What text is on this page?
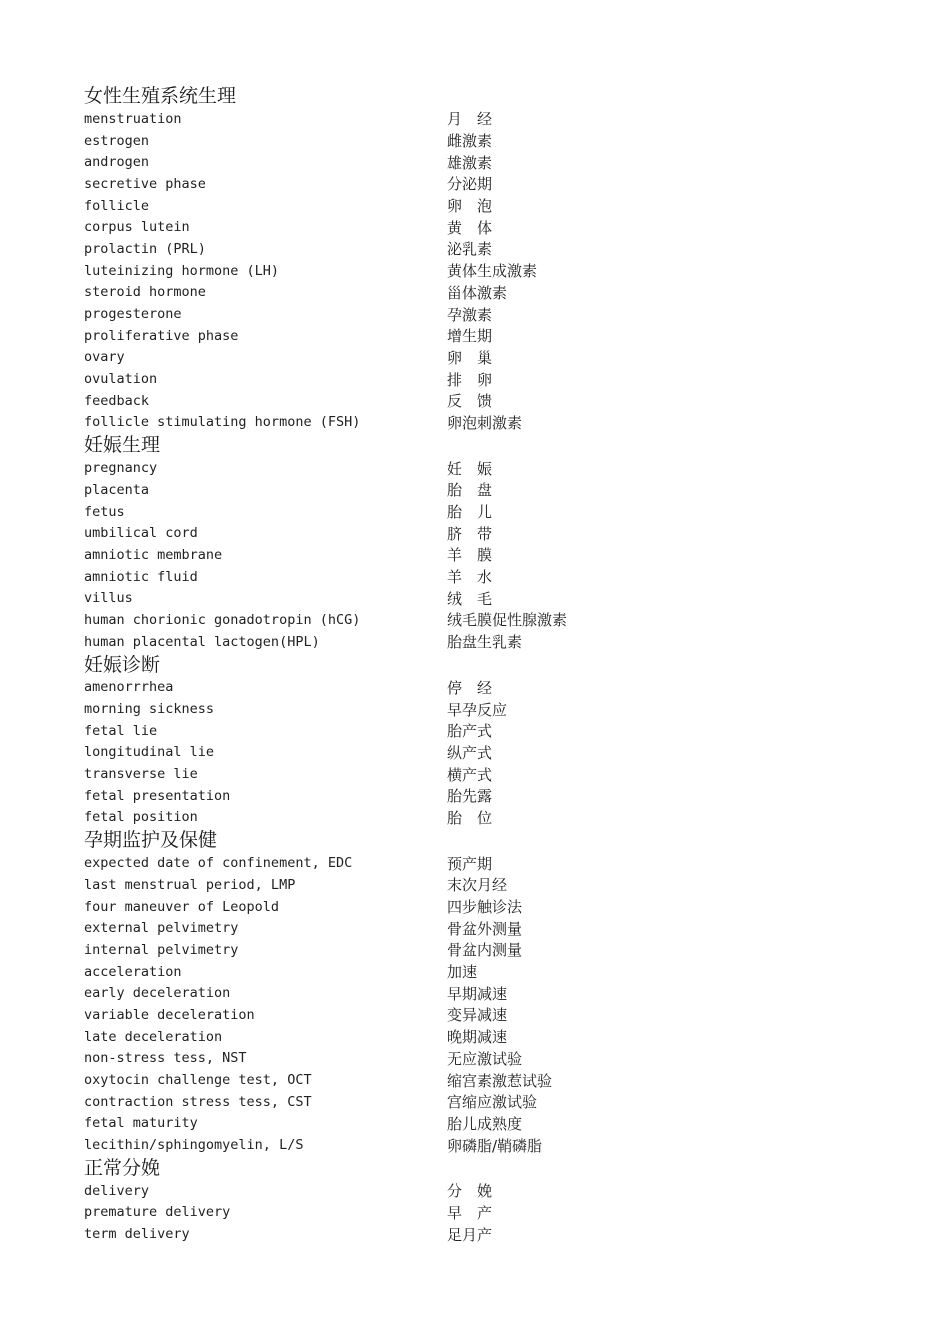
女性生殖系统生理
menstruation	月　经
estrogen	雌激素
androgen	雄激素
secretive phase	分泌期
follicle	卵　泡
corpus lutein	黄　体
prolactin (PRL)	泌乳素
luteinizing hormone (LH)	黄体生成激素
steroid hormone	甾体激素
progesterone	孕激素
proliferative phase	增生期
ovary	卵　巢
ovulation	排　卵
feedback	反　馈
follicle stimulating hormone (FSH)	卵泡刺激素
妊娠生理
pregnancy	妊　娠
placenta	胎　盘
fetus	胎　儿
umbilical cord	脐　带
amniotic membrane	羊　膜
amniotic fluid	羊　水
villus	绒　毛
human chorionic gonadotropin (hCG)	绒毛膜促性腺激素
human placental lactogen(HPL)	胎盘生乳素
妊娠诊断
amenorrrhea	停　经
morning sickness	早孕反应
fetal lie	胎产式
longitudinal lie	纵产式
transverse lie	横产式
fetal presentation	胎先露
fetal position	胎　位
孕期监护及保健
expected date of confinement, EDC	预产期
last menstrual period, LMP	末次月经
four maneuver of Leopold	四步触诊法
external pelvimetry	骨盆外测量
internal pelvimetry	骨盆内测量
acceleration	加速
early deceleration	早期减速
variable deceleration	变异减速
late deceleration	晚期减速
non-stress tess, NST	无应激试验
oxytocin challenge test, OCT	缩宫素激惹试验
contraction stress tess, CST	宫缩应激试验
fetal maturity	胎儿成熟度
lecithin/sphingomyelin, L/S	卵磷脂/鞘磷脂
正常分娩
delivery	分　娩
premature delivery	早　产
term delivery	足月产
